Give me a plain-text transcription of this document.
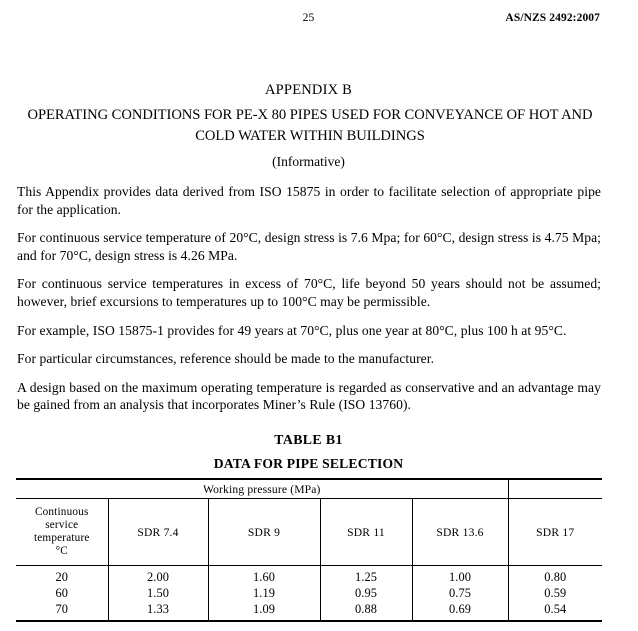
25	AS/NZS 2492:2007
APPENDIX B
OPERATING CONDITIONS FOR PE-X 80 PIPES USED FOR CONVEYANCE OF HOT AND COLD WATER WITHIN BUILDINGS
(Informative)

This Appendix provides data derived from ISO 15875 in order to facilitate selection of appropriate pipe for the application.

For continuous service temperature of 20°C, design stress is 7.6 Mpa; for 60°C, design stress is 4.75 Mpa; and for 70°C, design stress is 4.26 MPa.

For continuous service temperatures in excess of 70°C, life beyond 50 years should not be assumed; however, brief excursions to temperatures up to 100°C may be permissible.

For example, ISO 15875-1 provides for 49 years at 70°C, plus one year at 80°C, plus 100 h at 95°C.

For particular circumstances, reference should be made to the manufacturer.

A design based on the maximum operating temperature is regarded as conservative and an advantage may be gained from an analysis that incorporates Miner’s Rule (ISO 13760).

TABLE B1
DATA FOR PIPE SELECTION
Working pressure (MPa)					
Continuous
service
temperature
°C	SDR 7.4	SDR 9	SDR 11	SDR 13.6	SDR 17
20	2.00	1.60	1.25	1.00	0.80
60	1.50	1.19	0.95	0.75	0.59
70	1.33	1.09	0.88	0.69	0.54
